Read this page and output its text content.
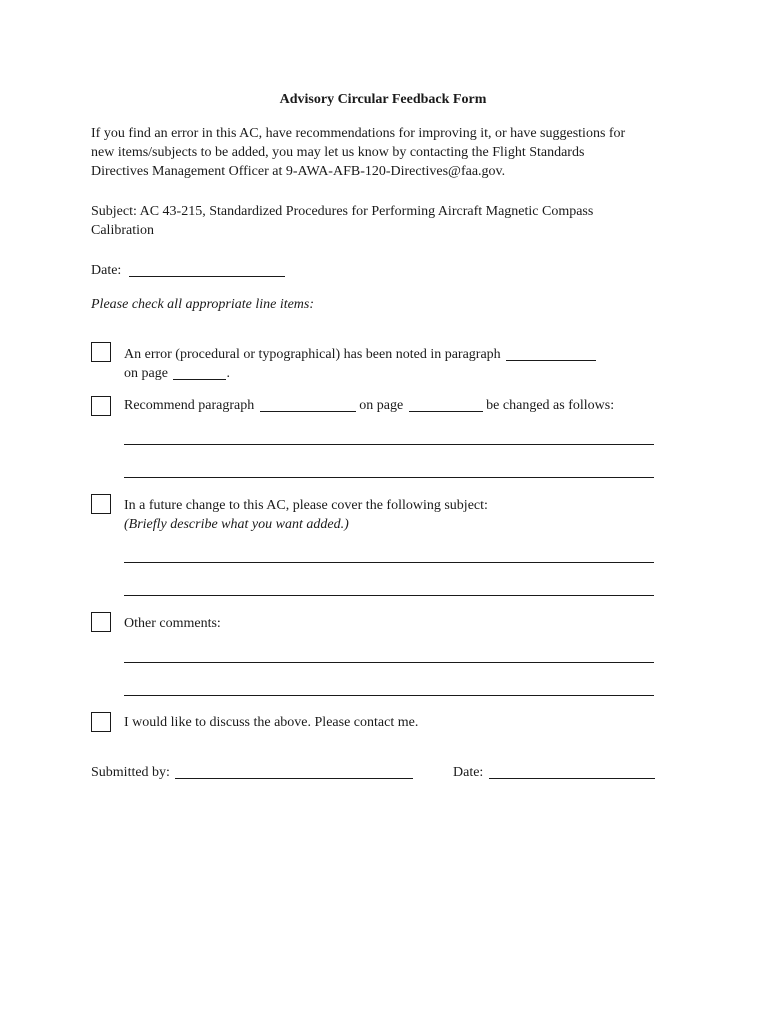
Advisory Circular Feedback Form
If you find an error in this AC, have recommendations for improving it, or have suggestions for
new items/subjects to be added, you may let us know by contacting the Flight Standards
Directives Management Officer at 9-AWA-AFB-120-Directives@faa.gov.
Subject: AC 43-215, Standardized Procedures for Performing Aircraft Magnetic Compass
Calibration
Date:
Please check all appropriate line items:
An error (procedural or typographical) has been noted in paragraph
on page	.
Recommend paragraph	on page	be changed as follows:
In a future change to this AC, please cover the following subject:
(Briefly describe what you want added.)
Other comments:
I would like to discuss the above. Please contact me.
Submitted by:	Date:
